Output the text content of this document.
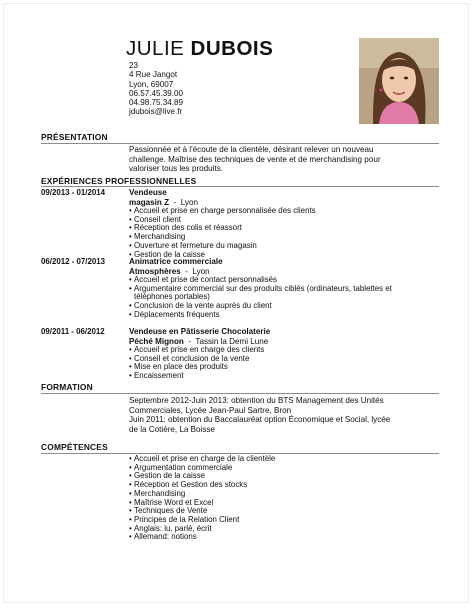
JULIE DUBOIS
23
4 Rue Jangot
Lyon, 69007
06.57.45.39.00
04.98.75.34.89
jdubois@live.fr
PRÉSENTATION
Passionnée et à l'écoute de la clientèle, désirant relever un nouveau
challenge. Maîtrise des techniques de vente et de merchandising pour
valoriser tous les produits.
EXPÉRIENCES PROFESSIONNELLES
09/2013 - 01/2014	Vendeuse
magasin Z  -  Lyon
• Accueil et prise en charge personnalisée des clients
• Conseil client
• Réception des colis et réassort
• Merchandising
• Ouverture et fermeture du magasin
• Gestion de la caisse
06/2012 - 07/2013	Animatrice commerciale
Atmosphères  -  Lyon
• Accueil et prise de contact personnalisés
• Argumentaire commercial sur des produits ciblés (ordinateurs, tablettes et
téléphones portables)
• Conclusion de la vente auprès du client
• Déplacements fréquents
09/2011 - 06/2012	Vendeuse en Pâtisserie Chocolaterie
Péché Mignon  -  Tassin la Demi Lune
• Accueil et prise en charge des clients
• Conseil et conclusion de la vente
• Mise en place des produits
• Encaissement
FORMATION
Septembre 2012-Juin 2013: obtention du BTS Management des Unités
Commerciales, Lycée Jean-Paul Sartre, Bron
Juin 2011: obtention du Baccalauréat option Économique et Social, lycée
de la Cotière, La Boisse
COMPÉTENCES
• Accueil et prise en charge de la clientèle
• Argumentation commerciale
• Gestion de la caisse
• Réception et Gestion des stocks
• Merchandising
• Maîtrise Word et Excel
• Techniques de Vente
• Principes de la Relation Client
• Anglais: lu, parlé, écrit
• Allemand: notions
